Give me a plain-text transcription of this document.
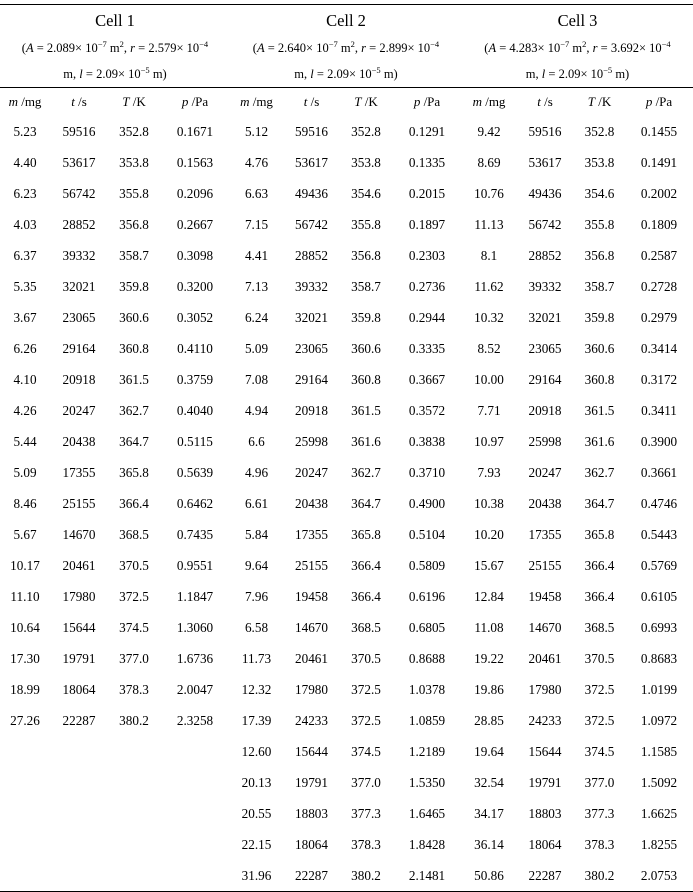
Cell 1				Cell 2				Cell 3			
($A = 2.089\times 10^{-7}$ $m^2$, $r = 2.579\times 10^{-4}$				($A = 2.640\times 10^{-7}$ $m^2$, $r = 2.899\times 10^{-4}$				($A = 4.283\times 10^{-7}$ $m^2$, $r = 3.692\times 10^{-4}$
m, $l = 2.09\times 10^{-5}$ m)				m, $l = 2.09\times 10^{-5}$ m)				m, $l = 2.09\times 10^{-5}$ m)			
m /mg	t /s	T /K	p /Pa	m /mg	t /s	T /K	p /Pa	m /mg	t /s	T /K	p /Pa
5.23	59516	352.8	0.1671	5.12	59516	352.8	0.1291	9.42	59516	352.8	0.1455
4.40	53617	353.8	0.1563	4.76	53617	353.8	0.1335	8.69	53617	353.8	0.1491
6.23	56742	355.8	0.2096	6.63	49436	354.6	0.2015	10.76	49436	354.6	0.2002
4.03	28852	356.8	0.2667	7.15	56742	355.8	0.1897	11.13	56742	355.8	0.1809
6.37	39332	358.7	0.3098	4.41	28852	356.8	0.2303	8.1	28852	356.8	0.2587
5.35	32021	359.8	0.3200	7.13	39332	358.7	0.2736	11.62	39332	358.7	0.2728
3.67	23065	360.6	0.3052	6.24	32021	359.8	0.2944	10.32	32021	359.8	0.2979
6.26	29164	360.8	0.4110	5.09	23065	360.6	0.3335	8.52	23065	360.6	0.3414
4.10	20918	361.5	0.3759	7.08	29164	360.8	0.3667	10.00	29164	360.8	0.3172
4.26	20247	362.7	0.4040	4.94	20918	361.5	0.3572	7.71	20918	361.5	0.3411
5.44	20438	364.7	0.5115	6.6	25998	361.6	0.3838	10.97	25998	361.6	0.3900
5.09	17355	365.8	0.5639	4.96	20247	362.7	0.3710	7.93	20247	362.7	0.3661
8.46	25155	366.4	0.6462	6.61	20438	364.7	0.4900	10.38	20438	364.7	0.4746
5.67	14670	368.5	0.7435	5.84	17355	365.8	0.5104	10.20	17355	365.8	0.5443
10.17	20461	370.5	0.9551	9.64	25155	366.4	0.5809	15.67	25155	366.4	0.5769
11.10	17980	372.5	1.1847	7.96	19458	366.4	0.6196	12.84	19458	366.4	0.6105
10.64	15644	374.5	1.3060	6.58	14670	368.5	0.6805	11.08	14670	368.5	0.6993
17.30	19791	377.0	1.6736	11.73	20461	370.5	0.8688	19.22	20461	370.5	0.8683
18.99	18064	378.3	2.0047	12.32	17980	372.5	1.0378	19.86	17980	372.5	1.0199
27.26	22287	380.2	2.3258	17.39	24233	372.5	1.0859	28.85	24233	372.5	1.0972
				12.60	15644	374.5	1.2189	19.64	15644	374.5	1.1585
				20.13	19791	377.0	1.5350	32.54	19791	377.0	1.5092
				20.55	18803	377.3	1.6465	34.17	18803	377.3	1.6625
				22.15	18064	378.3	1.8428	36.14	18064	378.3	1.8255
				31.96	22287	380.2	2.1481	50.86	22287	380.2	2.0753
